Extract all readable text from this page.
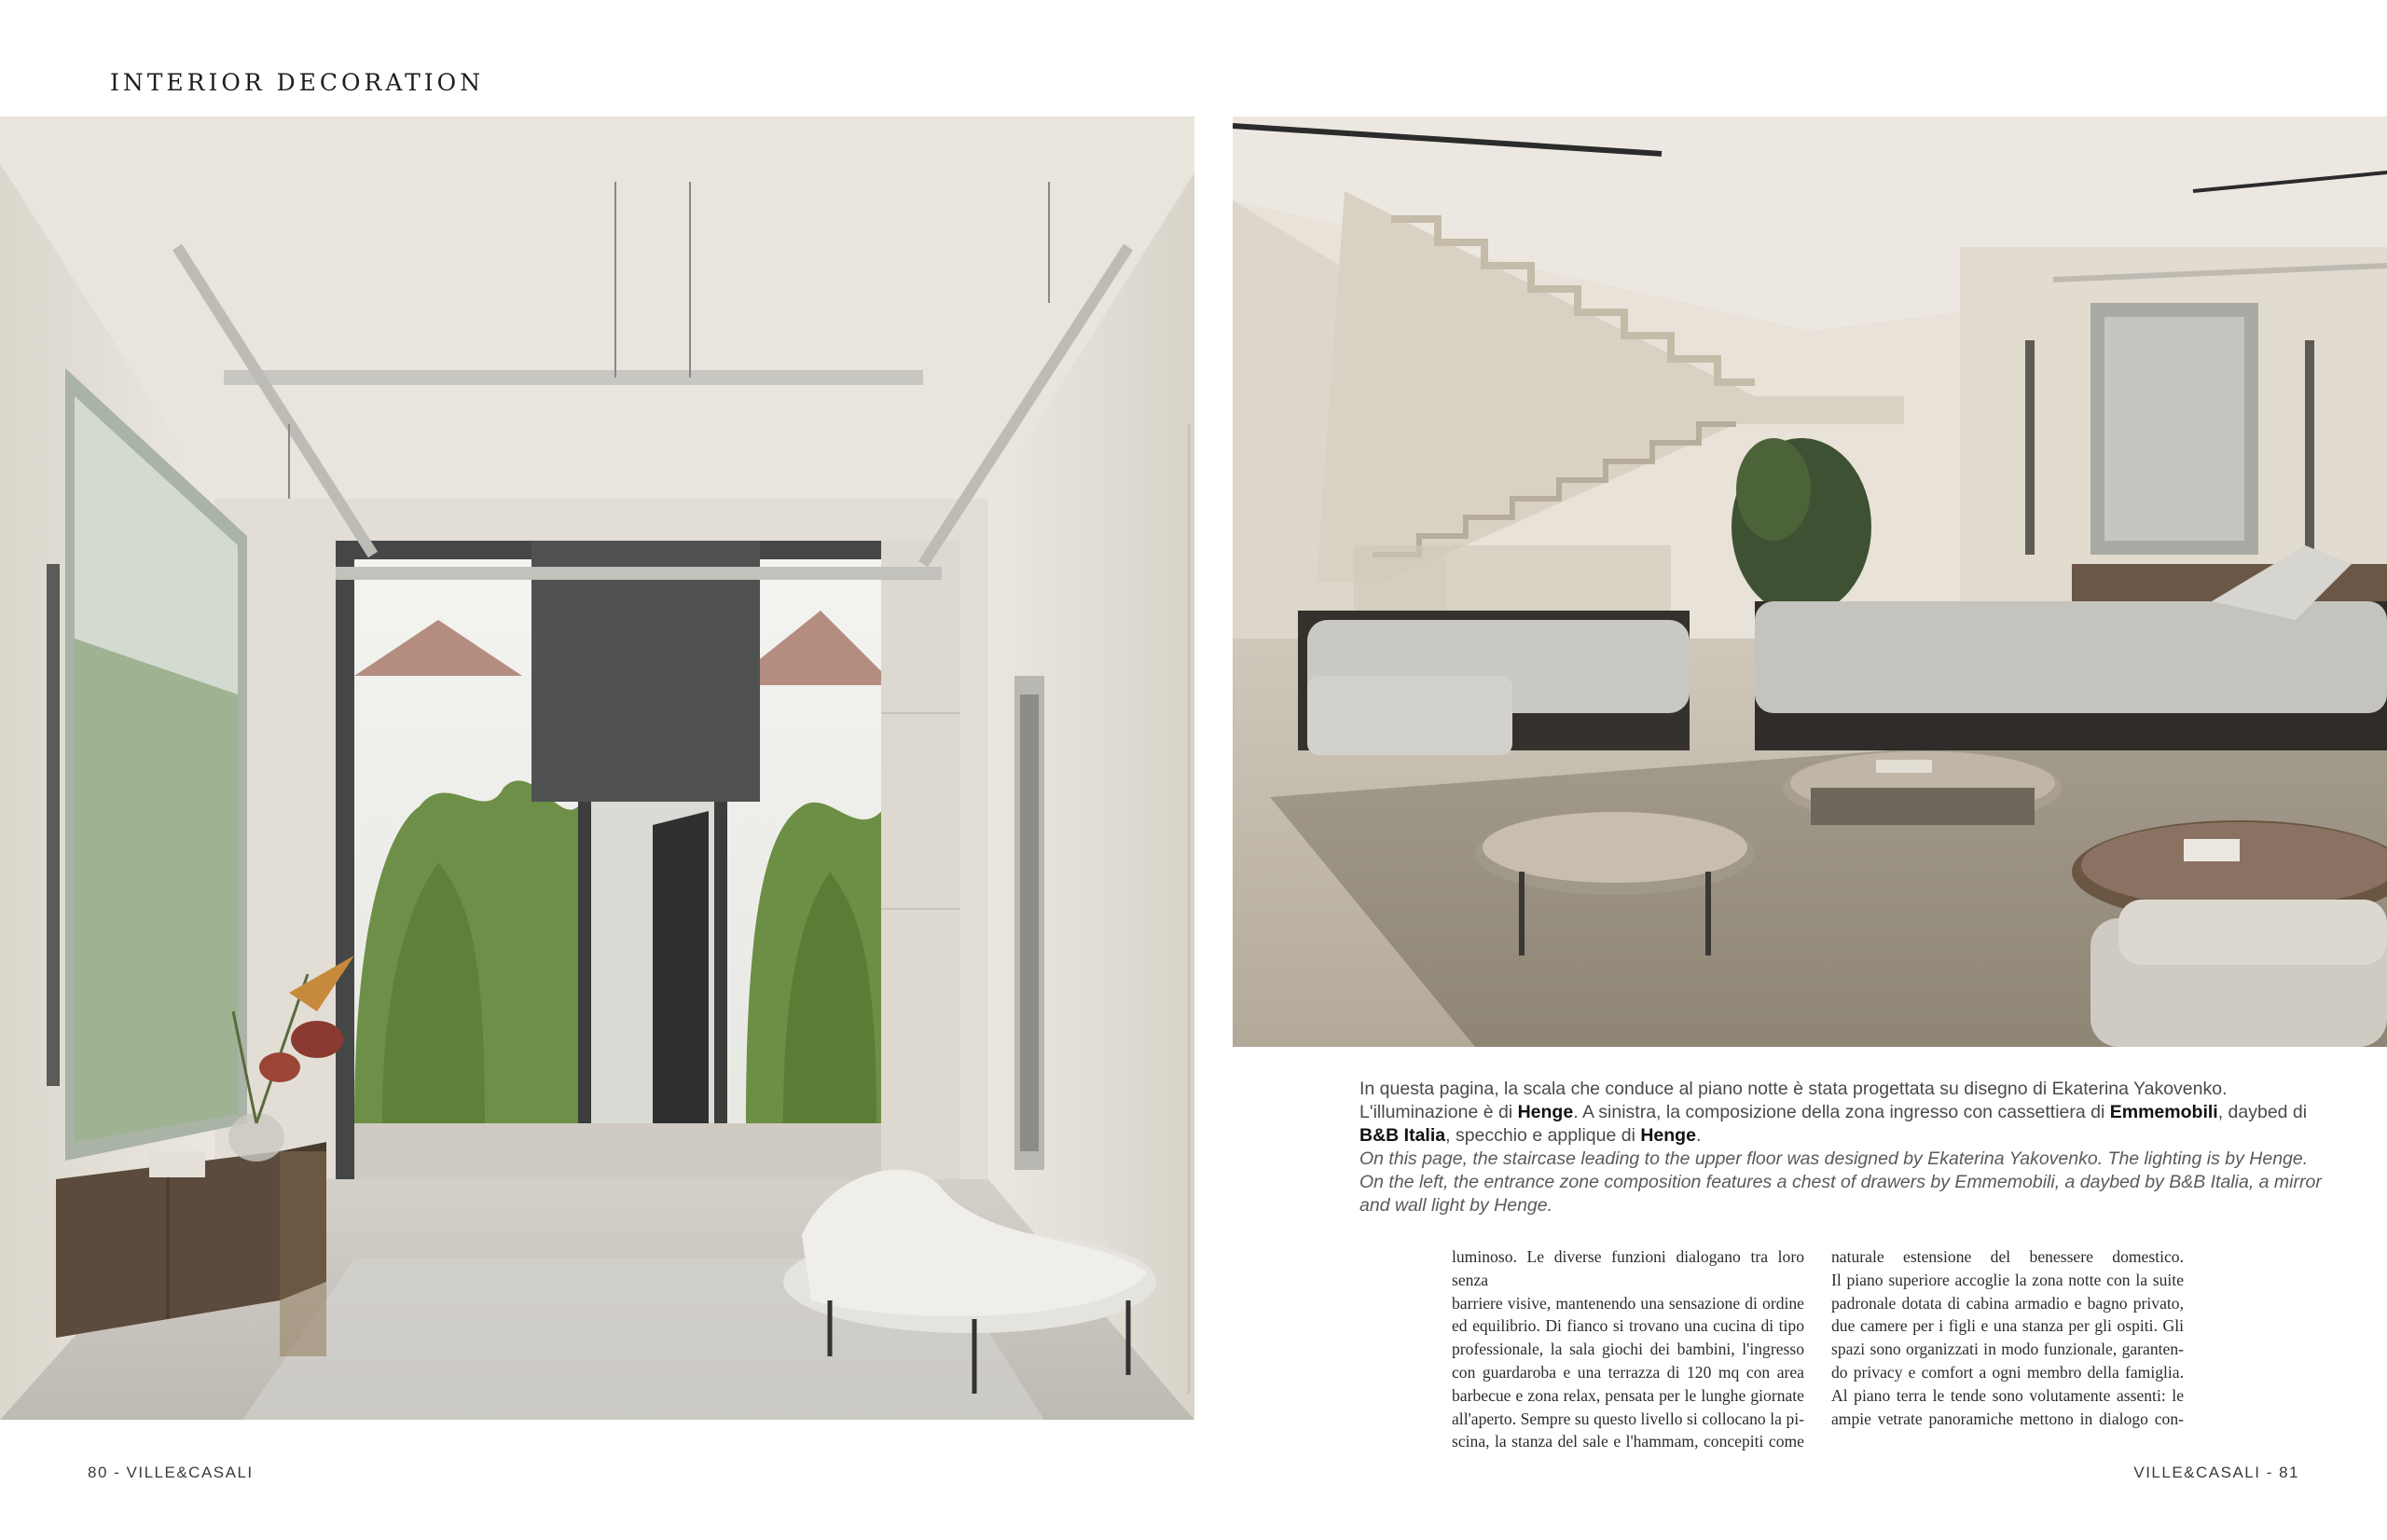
INTERIOR DECORATION

In questa pagina, la scala che conduce al piano notte è stata progettata su disegno di Ekaterina Yakovenko. L'illuminazione è di Henge. A sinistra, la composizione della zona ingresso con cassettiera di Emmemobili, daybed di B&B Italia, specchio e applique di Henge.
On this page, the staircase leading to the upper floor was designed by Ekaterina Yakovenko. The lighting is by Henge. On the left, the entrance zone composition features a chest of drawers by Emmemobili, a daybed by B&B Italia, a mirror and wall light by Henge.

luminoso. Le diverse funzioni dialogano tra loro senza

barriere visive, mantenendo una sensazione di ordine

ed equilibrio. Di fianco si trovano una cucina di tipo

professionale, la sala giochi dei bambini, l'ingresso

con guardaroba e una terrazza di 120 mq con area

barbecue e zona relax, pensata per le lunghe giornate

all'aperto. Sempre su questo livello si collocano la pi-

scina, la stanza del sale e l'hammam, concepiti come

naturale estensione del benessere domestico.

Il piano superiore accoglie la zona notte con la suite

padronale dotata di cabina armadio e bagno privato,

due camere per i figli e una stanza per gli ospiti. Gli

spazi sono organizzati in modo funzionale, garanten-

do privacy e comfort a ogni membro della famiglia.

Al piano terra le tende sono volutamente assenti: le

ampie vetrate panoramiche mettono in dialogo con-

80 - VILLE&CASALI	VILLE&CASALI - 81
